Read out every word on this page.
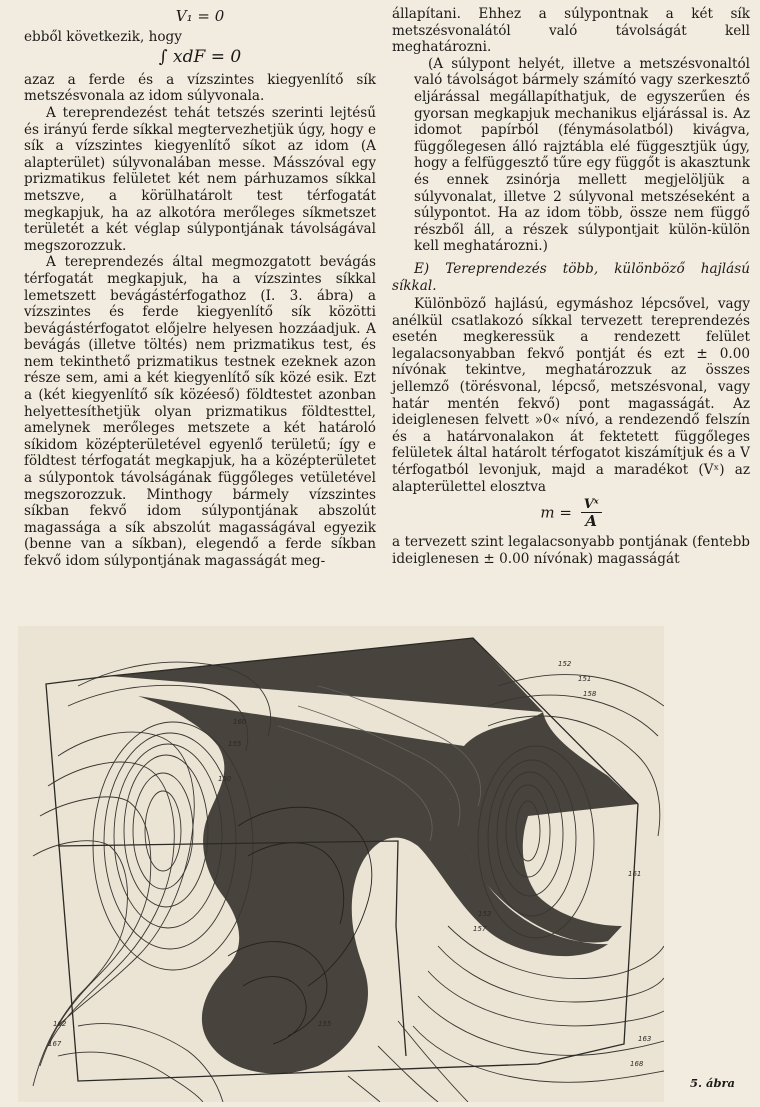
V₁ = 0

ebből következik, hogy

∫ xdF = 0

azaz a ferde és a vízszintes kiegyenlítő sík metszésvonala az idom súlyvonala.

A tereprendezést tehát tetszés szerinti lejtésű és irányú ferde síkkal megtervezhetjük úgy, hogy e sík a vízszintes kiegyenlítő síkot az idom (A alapterület) súlyvonalában messe. Másszóval egy prizmatikus felületet két nem párhuzamos síkkal metszve, a körülhatárolt test térfogatát megkapjuk, ha az alkotóra merőleges síkmetszet területét a két véglap súlypontjának távolságával megszorozzuk.

A tereprendezés által megmozgatott bevágás térfogatát megkapjuk, ha a vízszintes síkkal lemetszett bevágástérfogathoz (I. 3. ábra) a vízszintes és ferde kiegyenlítő sík közötti bevágástérfogatot előjelre helyesen hozzáadjuk. A bevágás (illetve töltés) nem prizmatikus test, és nem tekinthető prizmatikus testnek ezeknek azon része sem, ami a két kiegyenlítő sík közé esik. Ezt a (két kiegyenlítő sík közéeső) földtestet azonban helyettesíthetjük olyan prizmatikus földtesttel, amelynek merőleges metszete a két határoló síkidom középterületével egyenlő területű; így e földtest térfogatát megkapjuk, ha a középterületet a súlypontok távolságának függőleges vetületével megszorozzuk. Minthogy bármely vízszintes síkban fekvő idom súlypontjának abszolút magassága a sík abszolút magasságával egyezik (benne van a síkban), elegendő a ferde síkban fekvő idom súlypontjának magasságát meg-

állapítani. Ehhez a súlypontnak a két sík metszésvonalától való távolságát kell meghatározni.

(A súlypont helyét, illetve a metszésvonaltól való távolságot bármely számító vagy szerkesztő eljárással megállapíthatjuk, de egyszerűen és gyorsan megkapjuk mechanikus eljárással is. Az idomot papírból (fénymásolatból) kivágva, függőlegesen álló rajztábla elé függesztjük úgy, hogy a felfüggesztő tűre egy függőt is akasztunk és ennek zsinórja mellett megjelöljük a súlyvonalat, illetve 2 súlyvonal metszéseként a súlypontot. Ha az idom több, össze nem függő részből áll, a részek súlypontjait külön-külön kell meghatározni.)

E) Tereprendezés több, különböző hajlású síkkal.

Különböző hajlású, egymáshoz lépcsővel, vagy anélkül csatlakozó síkkal tervezett tereprendezés esetén megkeressük a rendezett felület legalacsonyabban fekvő pontját és ezt ± 0.00 nívónak tekintve, meghatározzuk az összes jellemző (törésvonal, lépcső, metszésvonal, vagy határ mentén fekvő) pont magasságát. Az ideiglenesen felvett »0« nívó, a rendezendő felszín és a határvonalakon át fektetett függőleges felületek által határolt térfogatot kiszámítjuk és a V térfogatból levonjuk, majd a maradékot (Vˣ) az alapterülettel elosztva

$m = \frac{\text{Vˣ}}{A}$

a tervezett szint legalacsonyabb pontjának (fentebb ideiglenesen ± 0.00 nívónak) magasságát

150
155
160
157
153
152
151
158
163
162
167
155
161
168
5. ábra
